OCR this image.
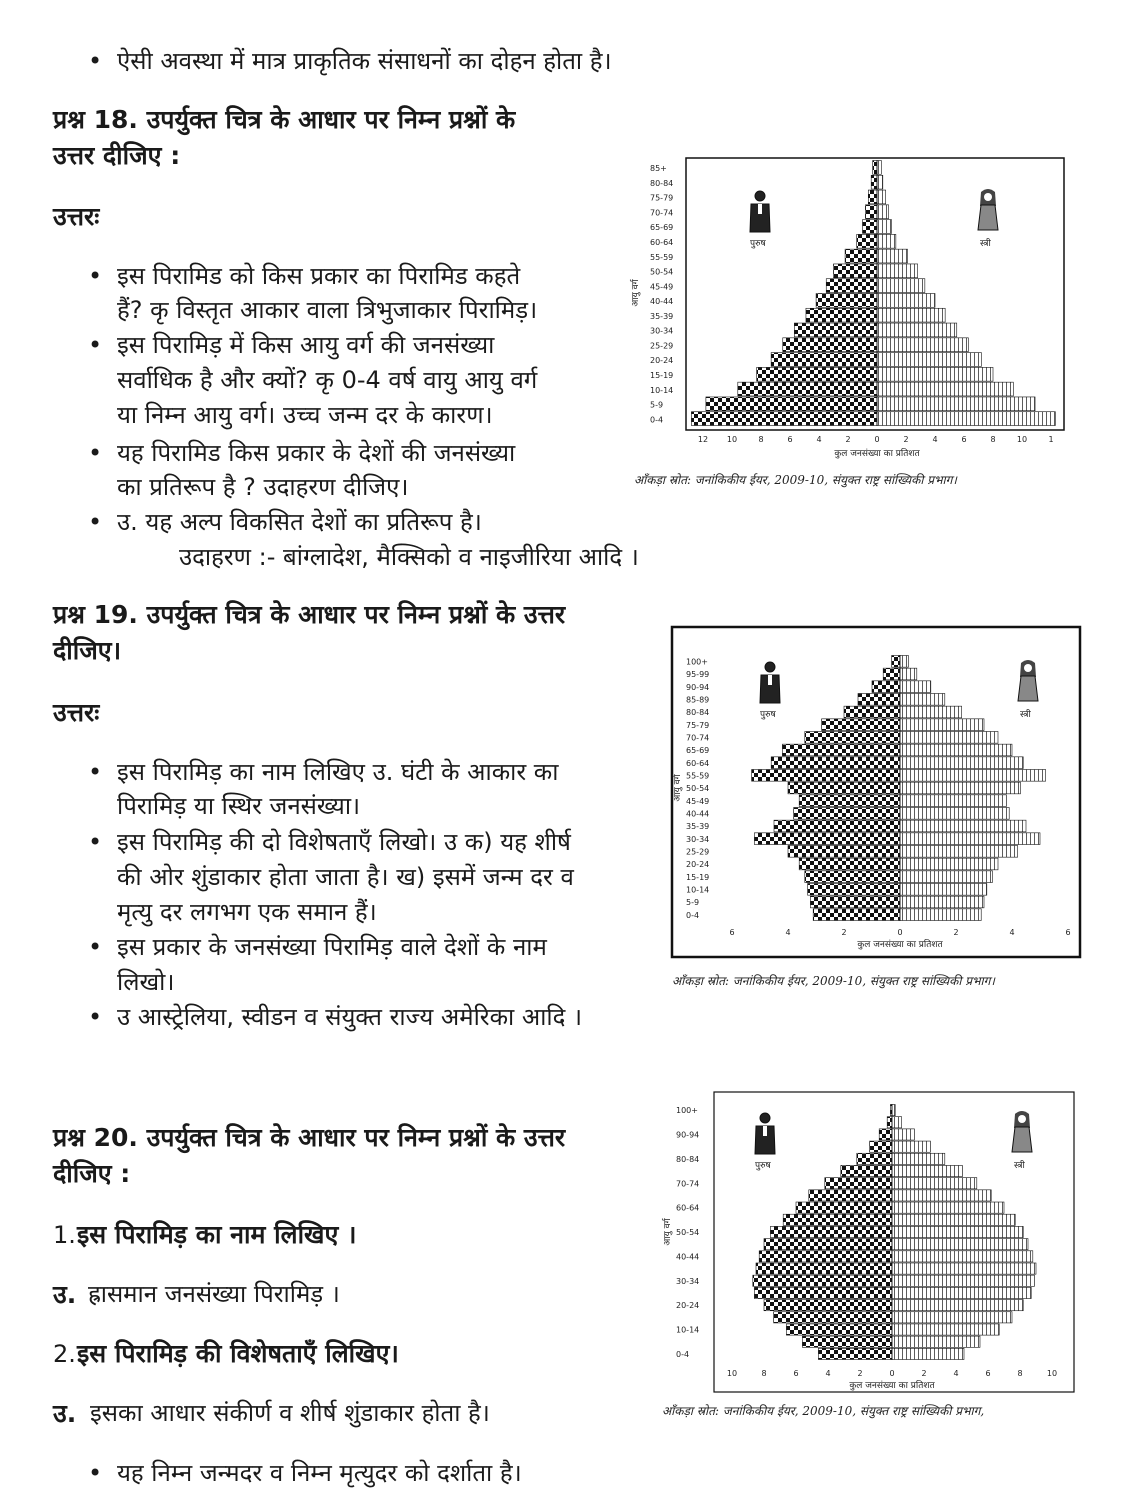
• ऐसी अवस्था में मात्र प्राकृतिक संसाधनों का दोहन होता है।
प्रश्न 18. उपर्युक्त चित्र के आधार पर निम्न प्रश्नों के
उत्तर दीजिए :
उत्तरः
• इस पिरामिड को किस प्रकार का पिरामिड कहते
हैं? कृ विस्तृत आकार वाला त्रिभुजाकार पिरामिड़।
• इस पिरामिड़ में किस आयु वर्ग की जनसंख्या
सर्वाधिक है और क्यों? कृ 0-4 वर्ष वायु आयु वर्ग
या निम्न आयु वर्ग। उच्च जन्म दर के कारण।
• यह पिरामिड किस प्रकार के देशों की जनसंख्या
का प्रतिरूप है ? उदाहरण दीजिए।
• उ. यह अल्प विकसित देशों का प्रतिरूप है।
उदाहरण :- बांग्लादेश, मैक्सिको व नाइजीरिया आदि ।
प्रश्न 19. उपर्युक्त चित्र के आधार पर निम्न प्रश्नों के उत्तर
दीजिए।
उत्तरः
• इस पिरामिड़ का नाम लिखिए उ. घंटी के आकार का
पिरामिड़ या स्थिर जनसंख्या।
• इस पिरामिड़ की दो विशेषताएँ लिखो। उ क) यह शीर्ष
की ओर शुंडाकार होता जाता है। ख) इसमें जन्म दर व
मृत्यु दर लगभग एक समान हैं।
• इस प्रकार के जनसंख्या पिरामिड़ वाले देशों के नाम
लिखो।
• उ आस्ट्रेलिया, स्वीडन व संयुक्त राज्य अमेरिका आदि ।
प्रश्न 20. उपर्युक्त चित्र के आधार पर निम्न प्रश्नों के उत्तर
दीजिए :
1. इस पिरामिड़ का नाम लिखिए ।
उ. ह्रासमान जनसंख्या पिरामिड़ ।
2. इस पिरामिड़ की विशेषताएँ लिखिए।
उ. इसका आधार संकीर्ण व शीर्ष शुंडाकार होता है।
• यह निम्न जन्मदर व निम्न मृत्युदर को दर्शाता है।
0-4
5-9
10-14
15-19
20-24
25-29
30-34
35-39
40-44
45-49
50-54
55-59
60-64
65-69
70-74
75-79
80-84
85+
12 10	8	6	4	2	0	2	4	6	8	10	1
कुल जनसंख्या का प्रतिशत
आयु वर्ग
पुरुष	स्त्री
आँकड़ा स्रोत: जनांकिकीय ईयर, 2009-10, संयुक्त राष्ट्र सांख्यिकी प्रभाग।
0-4
5-9
10-14
15-19
20-24
25-29
30-34
35-39
40-44
45-49
50-54
55-59
60-64
65-69
70-74
75-79
80-84
85-89
90-94
95-99
100+
6	4	2	0	2	4	6
कुल जनसंख्या का प्रतिशत
आयु वर्ग
पुरुष	स्त्री
आँकड़ा स्रोत: जनांकिकीय ईयर, 2009-10, संयुक्त राष्ट्र सांख्यिकी प्रभाग।
0-4
10-14
20-24
30-34
40-44
50-54
60-64
70-74
80-84
90-94
100+
10	8	6	4	2	0	2	4	6	8	10
कुल जनसंख्या का प्रतिशत
आयु वर्ग
पुरुष	स्त्री
आँकड़ा स्रोत: जनांकिकीय ईयर, 2009-10, संयुक्त राष्ट्र सांख्यिकी प्रभाग,
